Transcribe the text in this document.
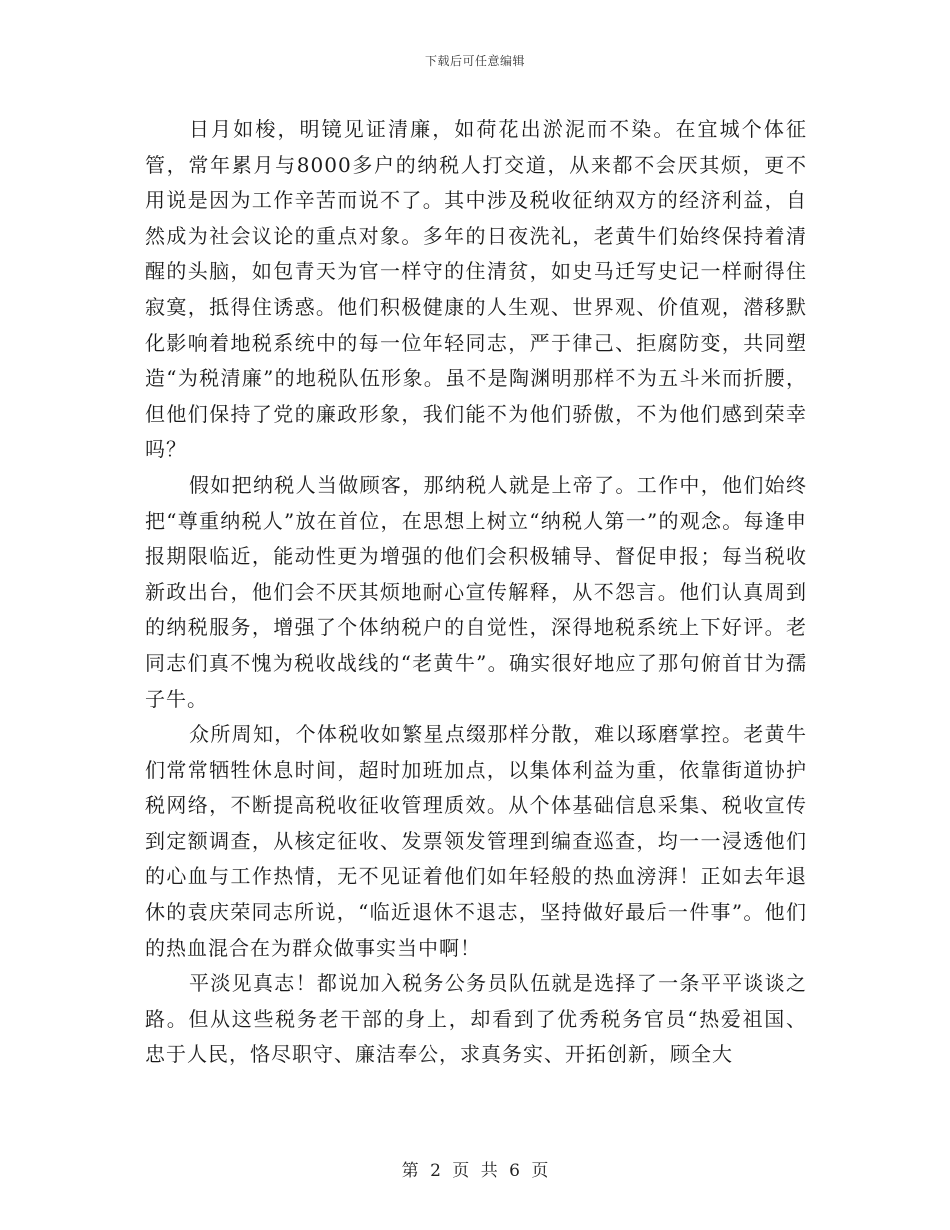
下载后可任意编辑

日月如梭，明镜见证清廉，如荷花出淤泥而不染。在宜城个体征管，常年累月与8000多户的纳税人打交道，从来都不会厌其烦，更不用说是因为工作辛苦而说不了。其中涉及税收征纳双方的经济利益，自然成为社会议论的重点对象。多年的日夜洗礼，老黄牛们始终保持着清醒的头脑，如包青天为官一样守的住清贫，如史马迁写史记一样耐得住寂寞，抵得住诱惑。他们积极健康的人生观、世界观、价值观，潜移默化影响着地税系统中的每一位年轻同志，严于律己、拒腐防变，共同塑造“为税清廉”的地税队伍形象。虽不是陶渊明那样不为五斗米而折腰，但他们保持了党的廉政形象，我们能不为他们骄傲，不为他们感到荣幸吗？

假如把纳税人当做顾客，那纳税人就是上帝了。工作中，他们始终把“尊重纳税人”放在首位，在思想上树立“纳税人第一”的观念。每逢申报期限临近，能动性更为增强的他们会积极辅导、督促申报；每当税收新政出台，他们会不厌其烦地耐心宣传解释，从不怨言。他们认真周到的纳税服务，增强了个体纳税户的自觉性，深得地税系统上下好评。老同志们真不愧为税收战线的“老黄牛”。确实很好地应了那句俯首甘为孺子牛。

众所周知，个体税收如繁星点缀那样分散，难以琢磨掌控。老黄牛们常常牺牲休息时间，超时加班加点，以集体利益为重，依靠街道协护税网络，不断提高税收征收管理质效。从个体基础信息采集、税收宣传到定额调查，从核定征收、发票领发管理到编查巡查，均一一浸透他们的心血与工作热情，无不见证着他们如年轻般的热血滂湃！正如去年退休的袁庆荣同志所说，“临近退休不退志，坚持做好最后一件事”。他们的热血混合在为群众做事实当中啊！

平淡见真志！都说加入税务公务员队伍就是选择了一条平平谈谈之路。但从这些税务老干部的身上，却看到了优秀税务官员“热爱祖国、忠于人民，恪尽职守、廉洁奉公，求真务实、开拓创新，顾全大

第 2 页 共 6 页
